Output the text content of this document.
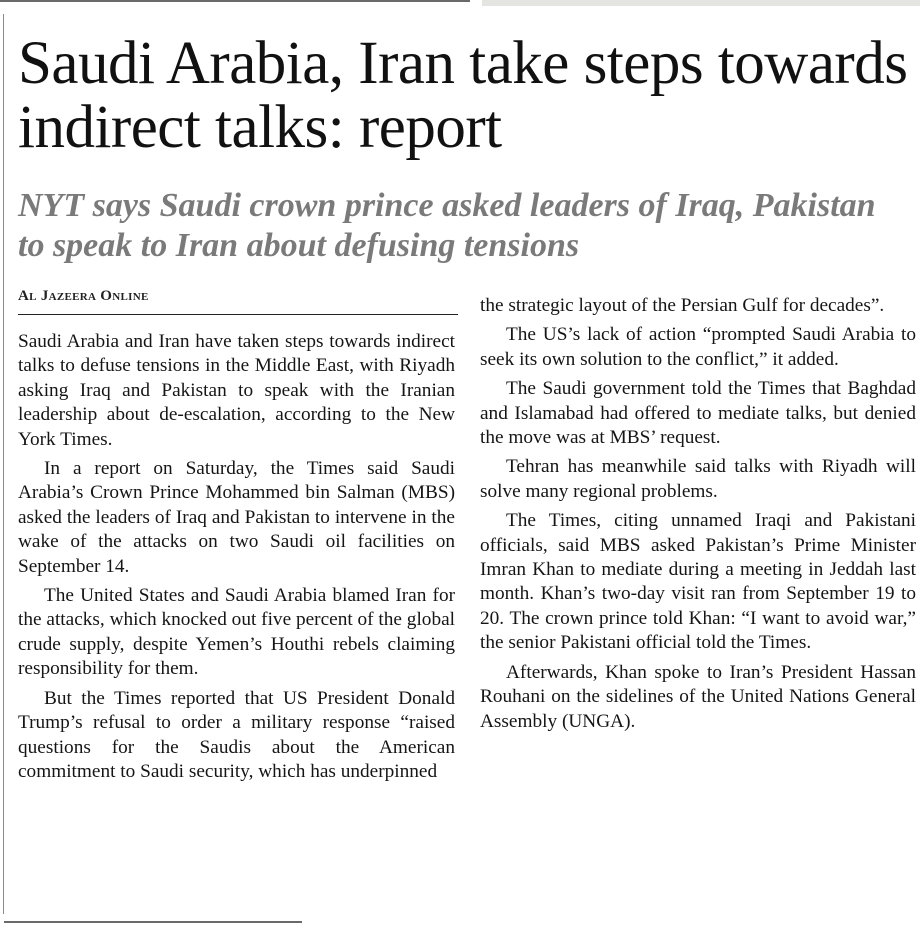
Saudi Arabia, Iran take steps towards indirect talks: report
NYT says Saudi crown prince asked leaders of Iraq, Pakistan to speak to Iran about defusing tensions
Al Jazeera Online

Saudi Arabia and Iran have taken steps towards indirect talks to defuse tensions in the Middle East, with Riyadh asking Iraq and Pakistan to speak with the Iranian leadership about de-escalation, according to the New York Times.

In a report on Saturday, the Times said Saudi Arabia’s Crown Prince Mohammed bin Salman (MBS) asked the leaders of Iraq and Pakistan to intervene in the wake of the attacks on two Saudi oil facilities on September 14.

The United States and Saudi Arabia blamed Iran for the attacks, which knocked out five percent of the global crude supply, despite Yemen’s Houthi rebels claiming responsibility for them.

But the Times reported that US President Donald Trump’s refusal to order a military response “raised questions for the Saudis about the American commitment to Saudi security, which has underpinned

the strategic layout of the Persian Gulf for decades”.

The US’s lack of action “prompted Saudi Arabia to seek its own solution to the conflict,” it added.

The Saudi government told the Times that Baghdad and Islamabad had offered to mediate talks, but denied the move was at MBS’ request.

Tehran has meanwhile said talks with Riyadh will solve many regional problems.

The Times, citing unnamed Iraqi and Pakistani officials, said MBS asked Pakistan’s Prime Minister Imran Khan to mediate during a meeting in Jeddah last month. Khan’s two-day visit ran from September 19 to 20. The crown prince told Khan: “I want to avoid war,” the senior Pakistani official told the Times.

Afterwards, Khan spoke to Iran’s President Hassan Rouhani on the sidelines of the United Nations General Assembly (UNGA).
